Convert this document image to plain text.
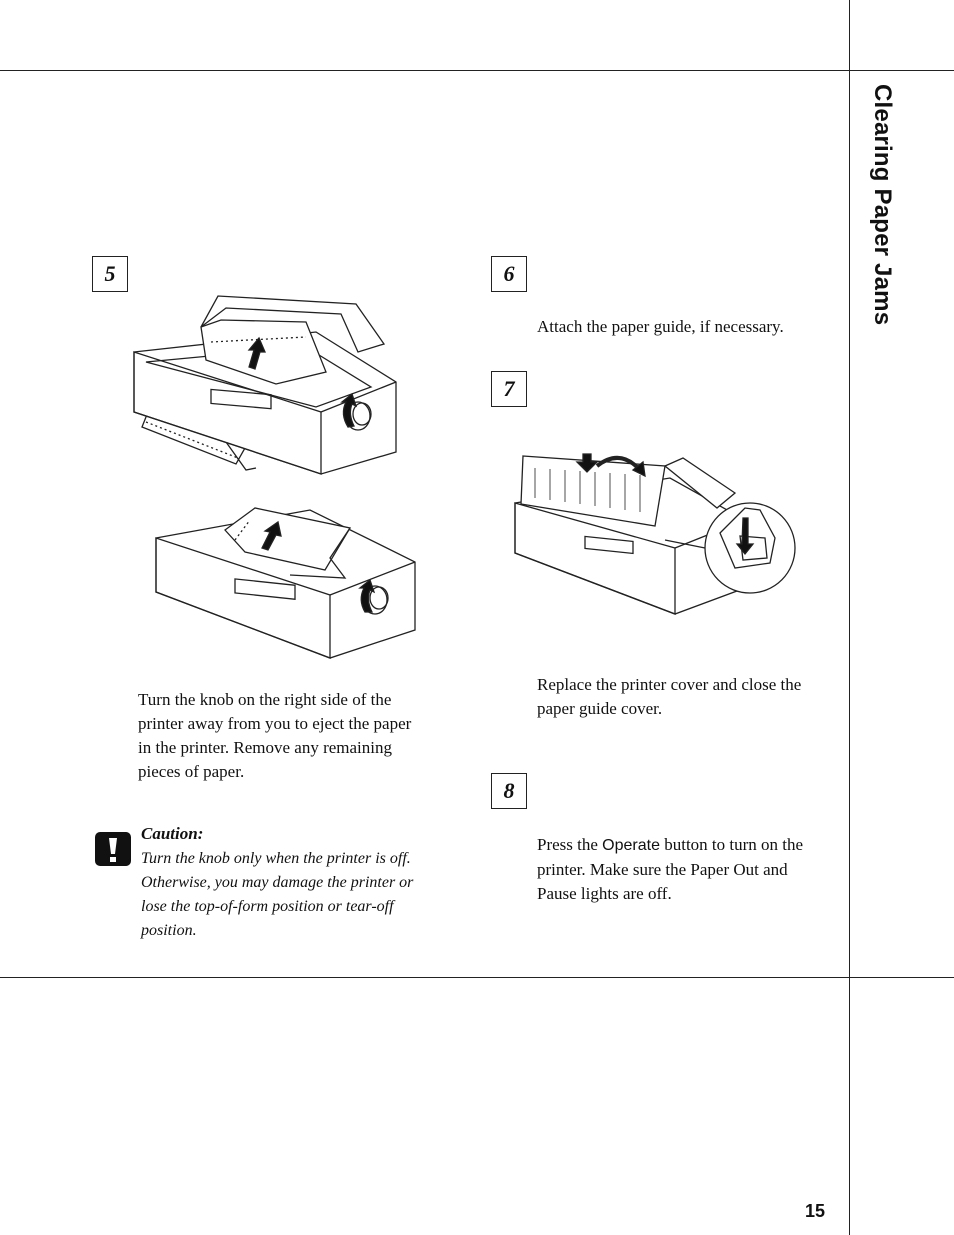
Clearing Paper Jams
5

Turn the knob on the right side of the printer away from you to eject the paper in the printer. Remove any remaining pieces of paper.

Caution:

Turn the knob only when the printer is off. Otherwise, you may damage the printer or lose the top-of-form position or tear-off position.

6

Attach the paper guide, if necessary.

7

Replace the printer cover and close the paper guide cover.

8

Press the Operate button to turn on the printer. Make sure the Paper Out and Pause lights are off.

15
